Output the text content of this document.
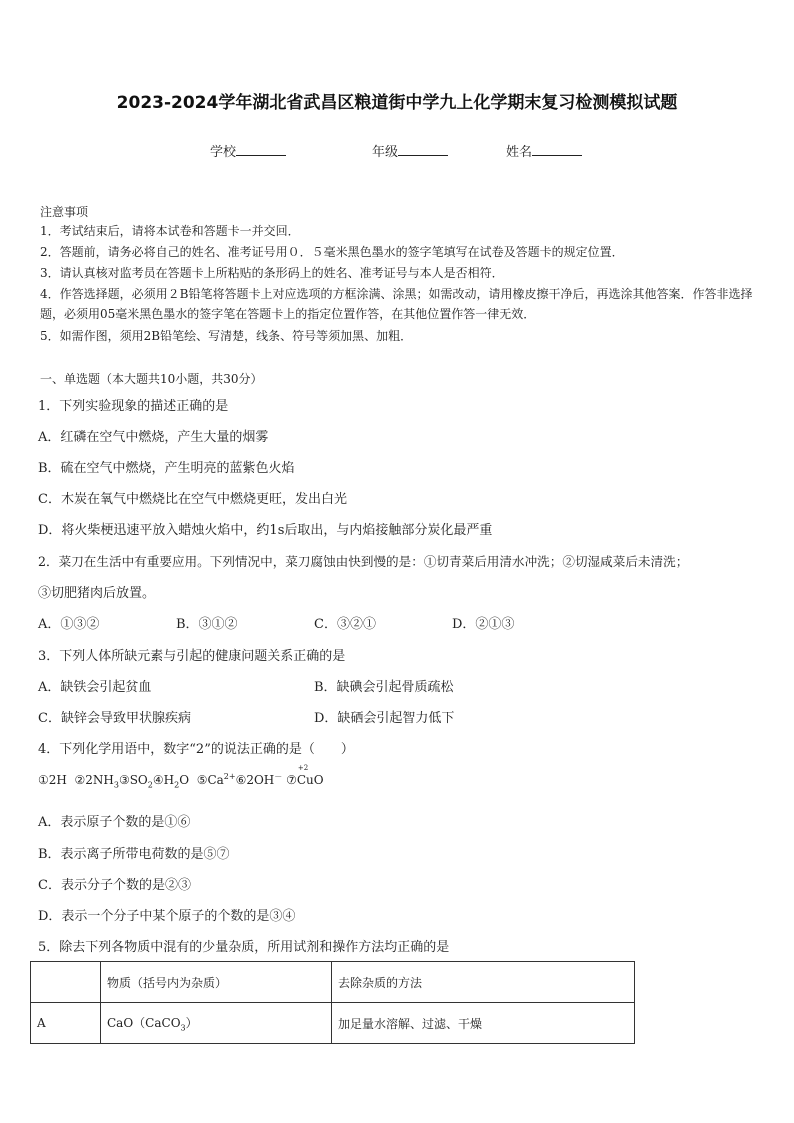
2023-2024学年湖北省武昌区粮道街中学九上化学期末复习检测模拟试题
学校	年级	姓名
注意事项
1．考试结束后，请将本试卷和答题卡一并交回．
2．答题前，请务必将自己的姓名、准考证号用０．５毫米黑色墨水的签字笔填写在试卷及答题卡的规定位置．
3．请认真核对监考员在答题卡上所粘贴的条形码上的姓名、准考证号与本人是否相符．
4．作答选择题，必须用２B铅笔将答题卡上对应选项的方框涂满、涂黑；如需改动，请用橡皮擦干净后，再选涂其他答案．作答非选择题，必须用05毫米黑色墨水的签字笔在答题卡上的指定位置作答，在其他位置作答一律无效．
5．如需作图，须用2B铅笔绘、写清楚，线条、符号等须加黑、加粗．
一、单选题（本大题共10小题，共30分）
1．下列实验现象的描述正确的是
A．红磷在空气中燃烧，产生大量的烟雾
B．硫在空气中燃烧，产生明亮的蓝紫色火焰
C．木炭在氧气中燃烧比在空气中燃烧更旺，发出白光
D．将火柴梗迅速平放入蜡烛火焰中，约1s后取出，与内焰接触部分炭化最严重
2．菜刀在生活中有重要应用。下列情况中，菜刀腐蚀由快到慢的是：①切青菜后用清水冲洗；②切湿咸菜后未清洗；
③切肥猪肉后放置。
A．①③②	B．③①②	C．③②①	D．②①③
3．下列人体所缺元素与引起的健康问题关系正确的是
A．缺铁会引起贫血	B．缺碘会引起骨质疏松
C．缺锌会导致甲状腺疾病	D．缺硒会引起智力低下
4．下列化学用语中，数字“2”的说法正确的是（　　）
①2H $②2NH_3③SO_2④H_2O$ $⑤Ca^{2+}⑥2OH^-$ ⑦
+2
CuO
A．表示原子个数的是①⑥
B．表示离子所带电荷数的是⑤⑦
C．表示分子个数的是②③
D．表示一个分子中某个原子的个数的是③④
5．除去下列各物质中混有的少量杂质，所用试剂和操作方法均正确的是
	物质（括号内为杂质）	去除杂质的方法
A	CaO（CaCO$_3$）	加足量水溶解、过滤、干燥
